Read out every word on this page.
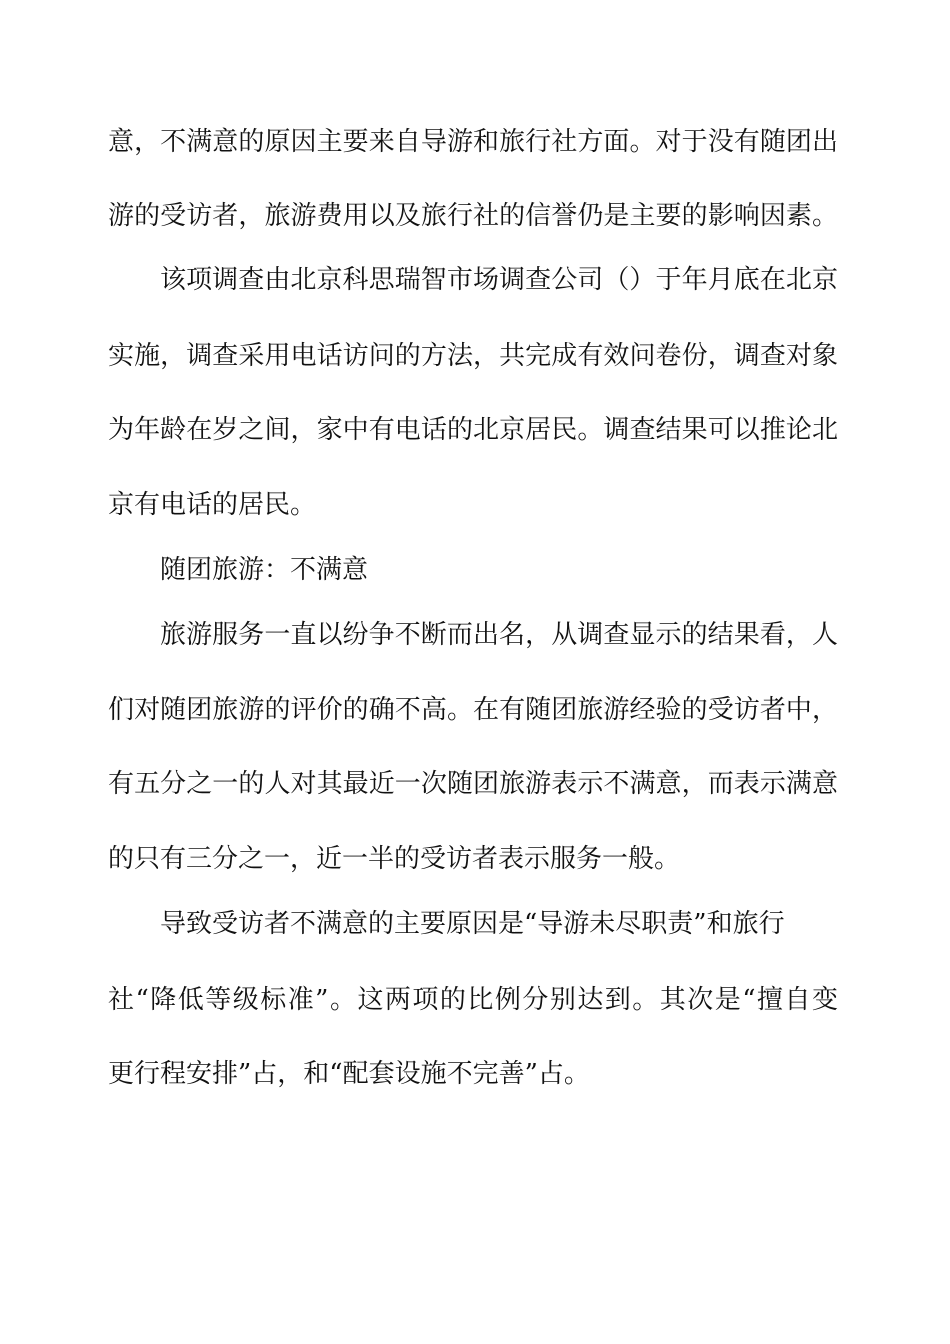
意，不满意的原因主要来自导游和旅行社方面。对于没有随团出
游的受访者，旅游费用以及旅行社的信誉仍是主要的影响因素。
该项调查由北京科思瑞智市场调查公司（）于年月底在北京
实施，调查采用电话访问的方法，共完成有效问卷份，调查对象
为年龄在岁之间，家中有电话的北京居民。调查结果可以推论北
京有电话的居民。
随团旅游：不满意
旅游服务一直以纷争不断而出名，从调查显示的结果看，人
们对随团旅游的评价的确不高。在有随团旅游经验的受访者中，
有五分之一的人对其最近一次随团旅游表示不满意，而表示满意
的只有三分之一，近一半的受访者表示服务一般。
导致受访者不满意的主要原因是“导游未尽职责”和旅行
社“降低等级标准”。这两项的比例分别达到。其次是“擅自变
更行程安排”占，和“配套设施不完善”占。
